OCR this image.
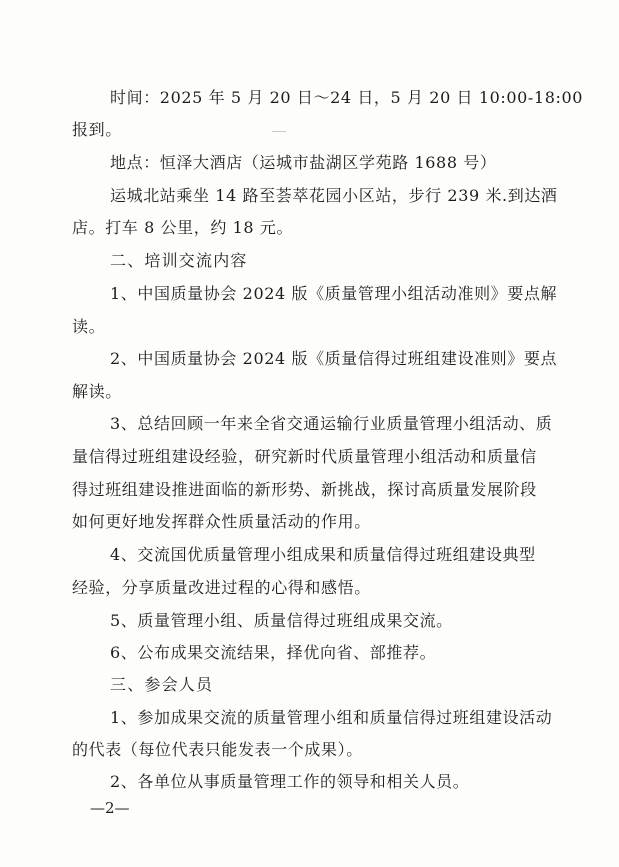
时间：2025 年 5 月 20 日～24 日，5 月 20 日 10:00-18:00
报到。
地点：恒泽大酒店（运城市盐湖区学苑路 1688 号）
运城北站乘坐 14 路至荟萃花园小区站，步行 239 米.到达酒
店。打车 8 公里，约 18 元。
二、培训交流内容
1、中国质量协会 2024 版《质量管理小组活动准则》要点解
读。
2、中国质量协会 2024 版《质量信得过班组建设准则》要点
解读。
3、总结回顾一年来全省交通运输行业质量管理小组活动、质
量信得过班组建设经验，研究新时代质量管理小组活动和质量信
得过班组建设推进面临的新形势、新挑战，探讨高质量发展阶段
如何更好地发挥群众性质量活动的作用。
4、交流国优质量管理小组成果和质量信得过班组建设典型
经验，分享质量改进过程的心得和感悟。
5、质量管理小组、质量信得过班组成果交流。
6、公布成果交流结果，择优向省、部推荐。
三、参会人员
1、参加成果交流的质量管理小组和质量信得过班组建设活动
的代表（每位代表只能发表一个成果）。
2、各单位从事质量管理工作的领导和相关人员。
—2—
